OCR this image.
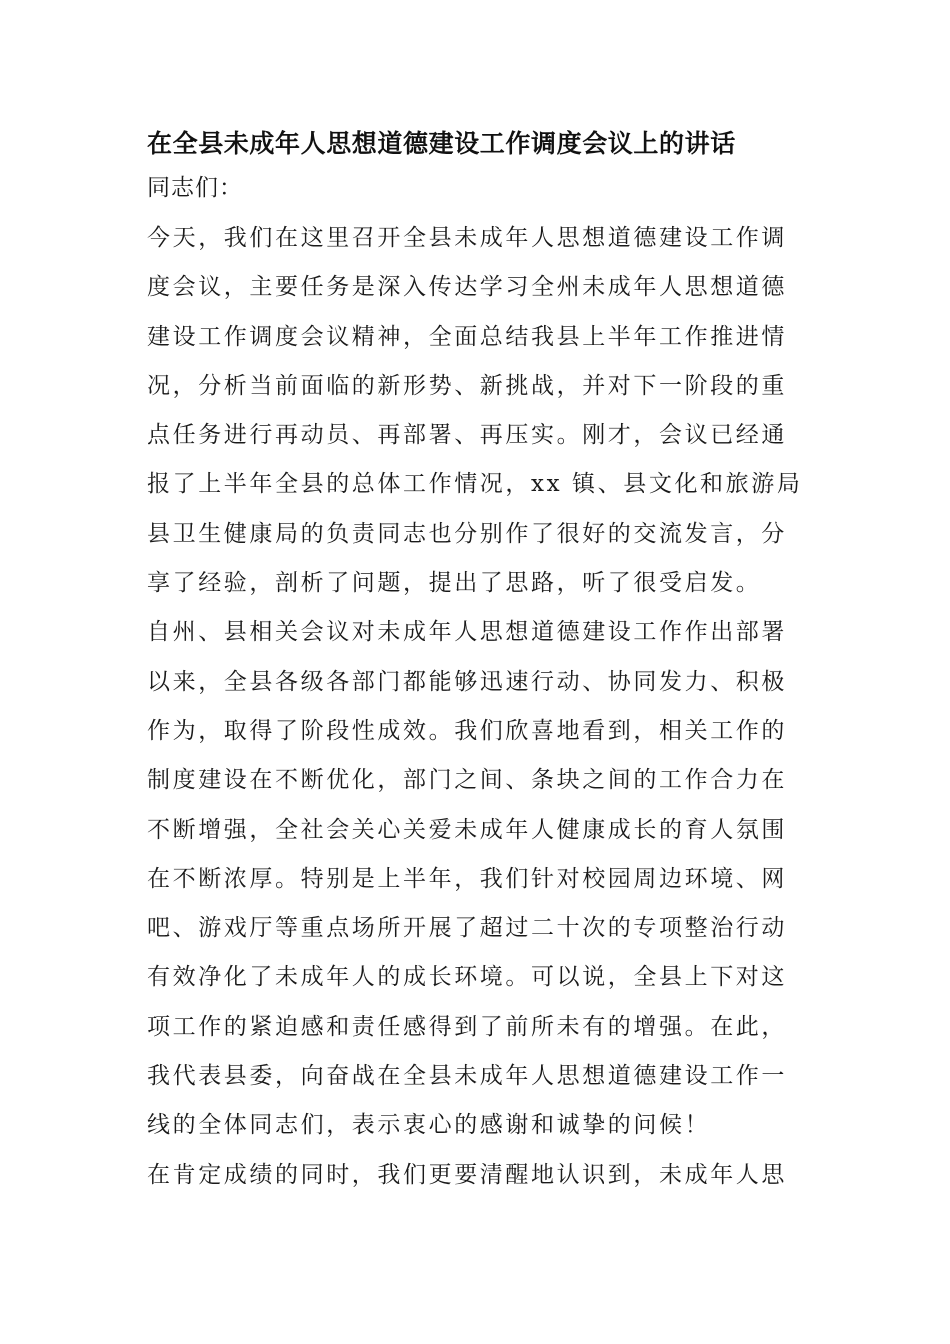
在全县未成年人思想道德建设工作调度会议上的讲话

同志们：

今天，我们在这里召开全县未成年人思想道德建设工作调
度会议，主要任务是深入传达学习全州未成年人思想道德
建设工作调度会议精神，全面总结我县上半年工作推进情
况，分析当前面临的新形势、新挑战，并对下一阶段的重
点任务进行再动员、再部署、再压实。刚才，会议已经通
报了上半年全县的总体工作情况，xx 镇、县文化和旅游局
县卫生健康局的负责同志也分别作了很好的交流发言，分
享了经验，剖析了问题，提出了思路，听了很受启发。

自州、县相关会议对未成年人思想道德建设工作作出部署
以来，全县各级各部门都能够迅速行动、协同发力、积极
作为，取得了阶段性成效。我们欣喜地看到，相关工作的
制度建设在不断优化，部门之间、条块之间的工作合力在
不断增强，全社会关心关爱未成年人健康成长的育人氛围
在不断浓厚。特别是上半年，我们针对校园周边环境、网
吧、游戏厅等重点场所开展了超过二十次的专项整治行动
有效净化了未成年人的成长环境。可以说，全县上下对这
项工作的紧迫感和责任感得到了前所未有的增强。在此，
我代表县委，向奋战在全县未成年人思想道德建设工作一
线的全体同志们，表示衷心的感谢和诚挚的问候！

在肯定成绩的同时，我们更要清醒地认识到，未成年人思
